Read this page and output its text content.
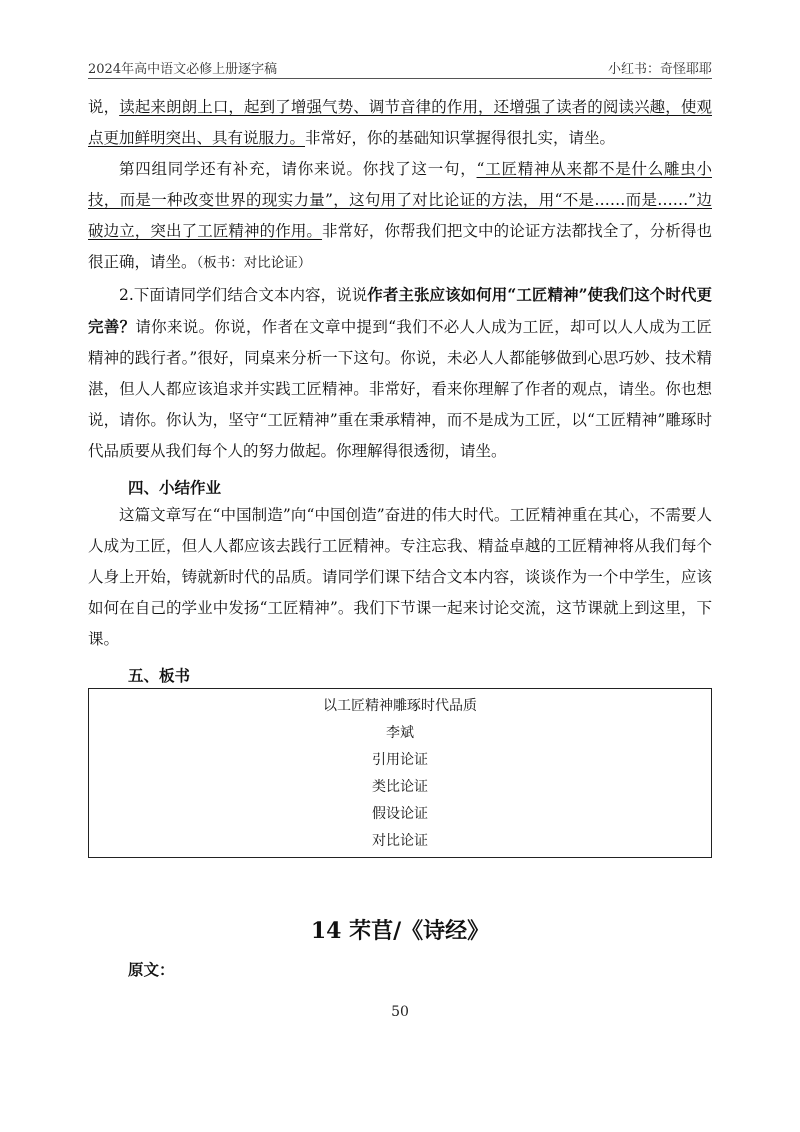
2024年高中语文必修上册逐字稿	小红书：奇怪耶耶

说，读起来朗朗上口，起到了增强气势、调节音律的作用，还增强了读者的阅读兴趣，使观点更加鲜明突出、具有说服力。非常好，你的基础知识掌握得很扎实，请坐。

第四组同学还有补充，请你来说。你找了这一句，“工匠精神从来都不是什么雕虫小技，而是一种改变世界的现实力量”，这句用了对比论证的方法，用“不是……而是……”边破边立，突出了工匠精神的作用。非常好，你帮我们把文中的论证方法都找全了，分析得也很正确，请坐。（板书：对比论证）

2.下面请同学们结合文本内容，说说作者主张应该如何用“工匠精神”使我们这个时代更完善？请你来说。你说，作者在文章中提到“我们不必人人成为工匠，却可以人人成为工匠精神的践行者。”很好，同桌来分析一下这句。你说，未必人人都能够做到心思巧妙、技术精湛，但人人都应该追求并实践工匠精神。非常好，看来你理解了作者的观点，请坐。你也想说，请你。你认为，坚守“工匠精神”重在秉承精神，而不是成为工匠，以“工匠精神”雕琢时代品质要从我们每个人的努力做起。你理解得很透彻，请坐。

四、小结作业

这篇文章写在“中国制造”向“中国创造”奋进的伟大时代。工匠精神重在其心，不需要人人成为工匠，但人人都应该去践行工匠精神。专注忘我、精益卓越的工匠精神将从我们每个人身上开始，铸就新时代的品质。请同学们课下结合文本内容，谈谈作为一个中学生，应该如何在自己的学业中发扬“工匠精神”。我们下节课一起来讨论交流，这节课就上到这里，下课。

五、板书
以工匠精神雕琢时代品质
李斌
引用论证
类比论证
假设论证
对比论证
14 芣苢/《诗经》
原文：
50
